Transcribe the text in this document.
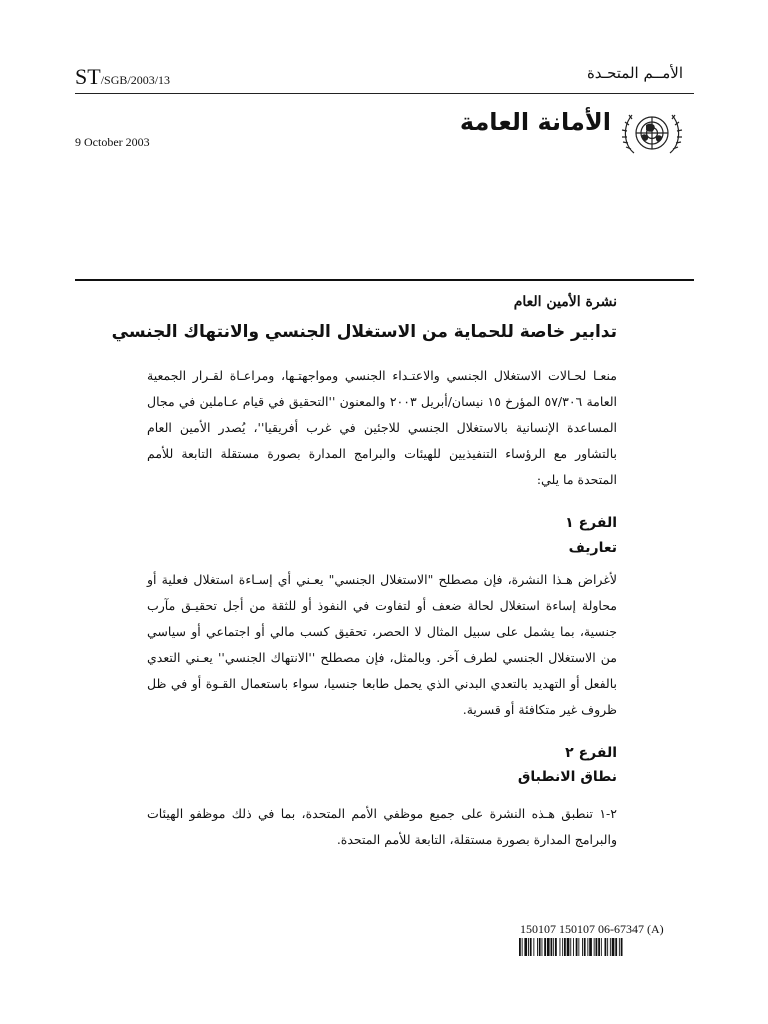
ST/SGB/2003/13	الأمــم المتحـدة
9 October 2003
الأمانة العامة
نشرة الأمين العام
تدابير خاصة للحماية من الاستغلال الجنسي والانتهاك الجنسي
منعـا لحـالات الاستغلال الجنسي والاعتـداء الجنسي ومواجهتـها، ومراعـاة لقـرار الجمعية العامة ٥٧/٣٠٦ المؤرخ ١٥ نيسان/أبريل ٢٠٠٣ والمعنون ''التحقيق في قيام عـاملين في مجال المساعدة الإنسانية بالاستغلال الجنسي للاجئين في غرب أفريقيا''، يُصدر الأمين العام بالتشاور مع الرؤساء التنفيذيين للهيئات والبرامج المدارة بصورة مستقلة التابعة للأمم المتحدة ما يلي:
الفرع ١
تعاريف
لأغراض هـذا النشرة، فإن مصطلح "الاستغلال الجنسي" يعـني أي إسـاءة استغلال فعلية أو محاولة إساءة استغلال لحالة ضعف أو لتفاوت في النفوذ أو للثقة من أجل تحقيـق مآرب جنسية، بما يشمل على سبيل المثال لا الحصر، تحقيق كسب مالي أو اجتماعي أو سياسي من الاستغلال الجنسي لطرف آخر. وبالمثل، فإن مصطلح ''الانتهاك الجنسي'' يعـني التعدي بالفعل أو التهديد بالتعدي البدني الذي يحمل طابعا جنسيا، سواء باستعمال القـوة أو في ظل ظروف غير متكافئة أو قسرية.
الفرع ٢
نطاق الانطباق
٢-١ تنطبق هـذه النشرة على جميع موظفي الأمم المتحدة، بما في ذلك موظفو الهيئات والبرامج المدارة بصورة مستقلة، التابعة للأمم المتحدة.
150107 150107 06-67347 (A)
